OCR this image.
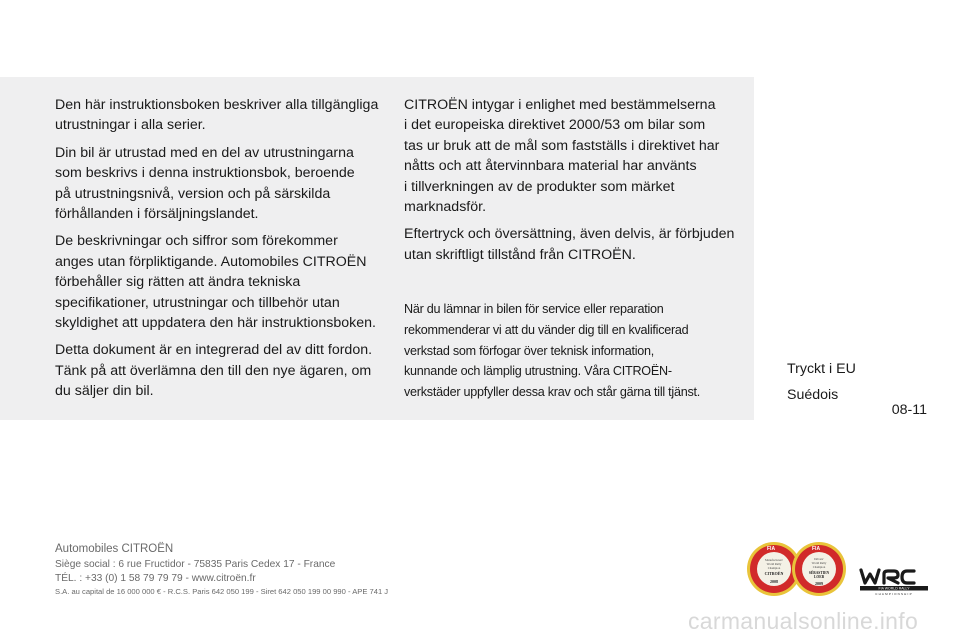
Den här instruktionsboken beskriver alla tillgängliga
utrustningar i alla serier.

Din bil är utrustad med en del av utrustningarna
som beskrivs i denna instruktionsbok, beroende
på utrustningsnivå, version och på särskilda
förhållanden i försäljningslandet.

De beskrivningar och siffror som förekommer
anges utan förpliktigande. Automobiles CITROËN
förbehåller sig rätten att ändra tekniska
specifikationer, utrustningar och tillbehör utan
skyldighet att uppdatera den här instruktionsboken.

Detta dokument är en integrerad del av ditt fordon.
Tänk på att överlämna den till den nye ägaren, om
du säljer din bil.

CITROËN intygar i enlighet med bestämmelserna
i det europeiska direktivet 2000/53 om bilar som
tas ur bruk att de mål som fastställs i direktivet har
nåtts och att återvinnbara material har använts
i tillverkningen av de produkter som märket
marknadsför.

Eftertryck och översättning, även delvis, är förbjuden
utan skriftligt tillstånd från CITROËN.

När du lämnar in bilen för service eller reparation
rekommenderar vi att du vänder dig till en kvalificerad
verkstad som förfogar över teknisk information,
kunnande och lämplig utrustning. Våra CITROËN-
verkstäder uppfyller dessa krav och står gärna till tjänst.

Tryckt i EU
Suédois
08-11
Automobiles CITROËN
Siège social : 6 rue Fructidor - 75835 Paris Cedex 17 - France
TÉL. : +33 (0) 1 58 79 79 79 - www.citroën.fr
S.A. au capital de 16 000 000 € - R.C.S. Paris 642 050 199 - Siret 642 050 199 00 990 - APE 741 J
FIA
Manufacturers'
World Rally
Champion
CITROËN
2008
FIA
Drivers'
World Rally
Champion
SÉBASTIEN
LOEB
2009
FIA WORLD RALLY
CHAMPIONSHIP
carmanualsonline.info
